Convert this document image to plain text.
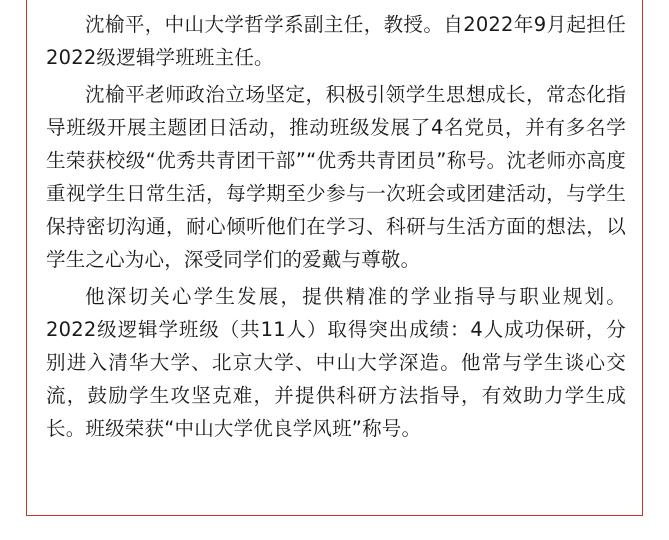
沈榆平，中山大学哲学系副主任，教授。自2022年9月起担任2022级逻辑学班班主任。

沈榆平老师政治立场坚定，积极引领学生思想成长，常态化指导班级开展主题团日活动，推动班级发展了4名党员，并有多名学生荣获校级“优秀共青团干部”“优秀共青团员”称号。沈老师亦高度重视学生日常生活，每学期至少参与一次班会或团建活动，与学生保持密切沟通，耐心倾听他们在学习、科研与生活方面的想法，以学生之心为心，深受同学们的爱戴与尊敬。

他深切关心学生发展，提供精准的学业指导与职业规划。2022级逻辑学班级（共11人）取得突出成绩：4人成功保研，分别进入清华大学、北京大学、中山大学深造。他常与学生谈心交流，鼓励学生攻坚克难，并提供科研方法指导，有效助力学生成长。班级荣获“中山大学优良学风班”称号。
